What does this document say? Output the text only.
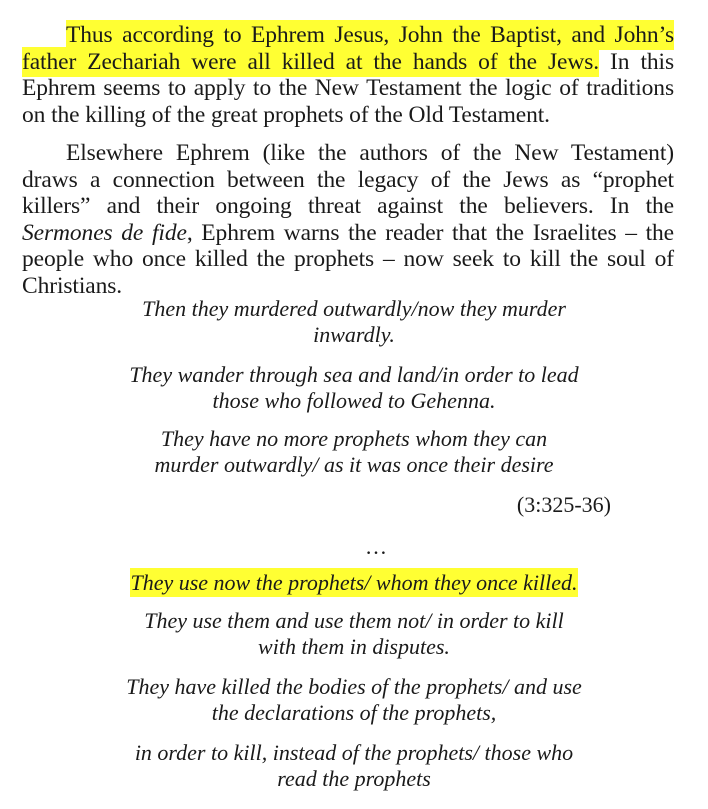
Thus according to Ephrem Jesus, John the Baptist, and John’s father Zechariah were all killed at the hands of the Jews. In this Ephrem seems to apply to the New Testament the logic of traditions on the killing of the great prophets of the Old Testament.

Elsewhere Ephrem (like the authors of the New Testament) draws a connection between the legacy of the Jews as “prophet killers” and their ongoing threat against the believers. In the Sermones de fide, Ephrem warns the reader that the Israelites – the people who once killed the prophets – now seek to kill the soul of Christians.

Then they murdered outwardly/now they murder
inwardly.
They wander through sea and land/in order to lead
those who followed to Gehenna.
They have no more prophets whom they can
murder outwardly/ as it was once their desire
(3:325-36)
…
They use now the prophets/ whom they once killed.
They use them and use them not/ in order to kill
with them in disputes.
They have killed the bodies of the prophets/ and use
the declarations of the prophets,
in order to kill, instead of the prophets/ those who
read the prophets
